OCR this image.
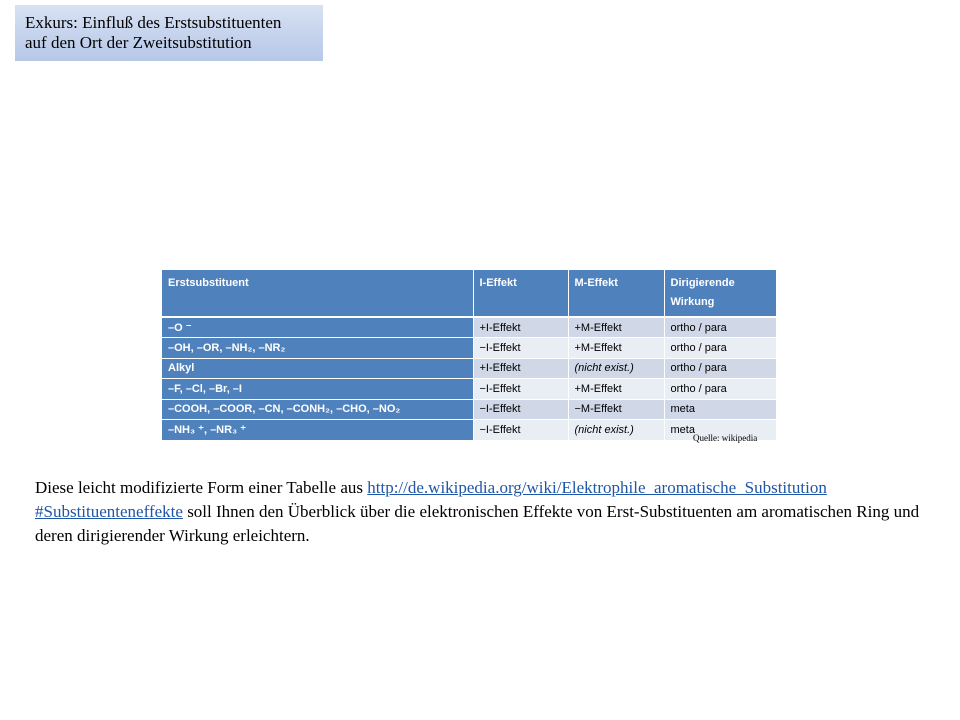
Exkurs: Einfluß des Erstsubstituenten
auf den Ort der Zweitsubstitution
Erstsubstituent	I-Effekt	M-Effekt	Dirigierende Wirkung
–O ⁻	+I-Effekt	+M-Effekt	ortho / para
–OH, –OR, –NH₂, –NR₂	−I-Effekt	+M-Effekt	ortho / para
Alkyl	+I-Effekt	(nicht exist.)	ortho / para
–F, –Cl, –Br, –I	−I-Effekt	+M-Effekt	ortho / para
–COOH, –COOR, –CN, –CONH₂, –CHO, –NO₂	−I-Effekt	−M-Effekt	meta
–NH₃ ⁺, –NR₃ ⁺	−I-Effekt	(nicht exist.)	meta
Quelle: wikipedia
Diese leicht modifizierte Form einer Tabelle aus http://de.wikipedia.org/wiki/Elektrophile_aromatische_Substitution #Substituenteneffekte soll Ihnen den Überblick über die elektronischen Effekte von Erst-Substituenten am aromatischen Ring und deren dirigierender Wirkung erleichtern.
